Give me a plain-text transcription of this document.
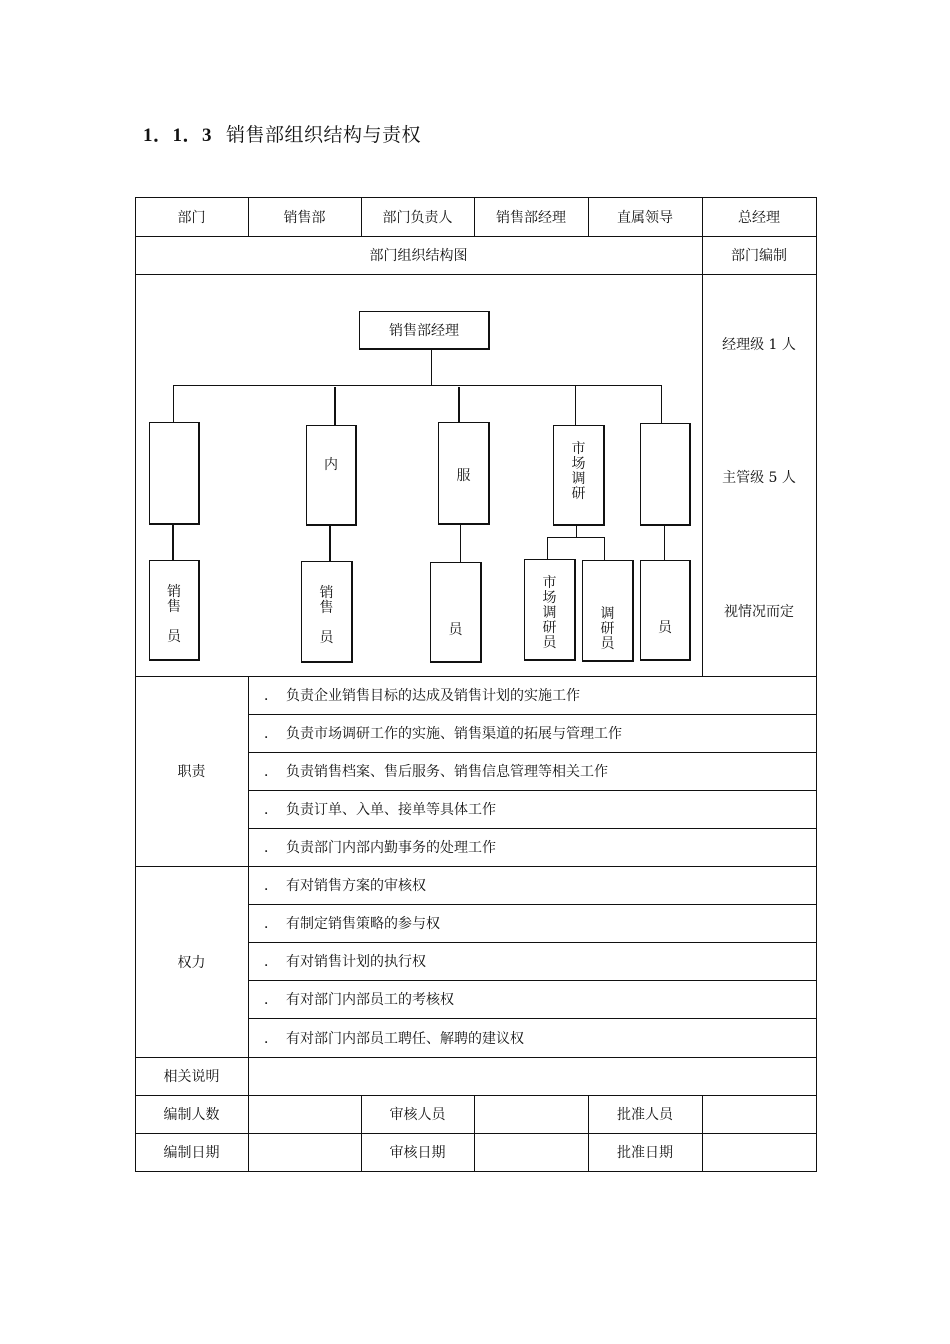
1．1．3 销售部组织结构与责权
部门	销售部	部门负责人	销售部经理	直属领导	总经理
部门组织结构图	部门编制
经理级 1 人
主管级 5 人
视情况而定
销售部经理
内
服
市
场
调
研
销
售

员
销
售

员	员
市
场
调
研
员
调
研
员
员
职责
． 负责企业销售目标的达成及销售计划的实施工作
． 负责市场调研工作的实施、销售渠道的拓展与管理工作
． 负责销售档案、售后服务、销售信息管理等相关工作
． 负责订单、入单、接单等具体工作
． 负责部门内部内勤事务的处理工作
权力
． 有对销售方案的审核权
． 有制定销售策略的参与权
． 有对销售计划的执行权
． 有对部门内部员工的考核权
． 有对部门内部员工聘任、解聘的建议权
相关说明
编制人数	审核人员	批准人员
编制日期	审核日期	批准日期
